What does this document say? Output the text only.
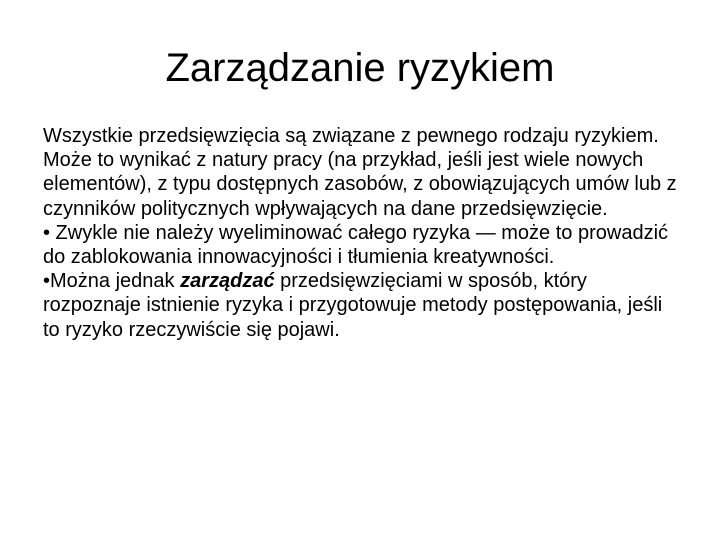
Zarządzanie ryzykiem

Wszystkie przedsięwzięcia są związane z pewnego rodzaju ryzykiem. Może to wynikać z natury pracy (na przykład, jeśli jest wiele nowych elementów), z typu dostępnych zasobów, z obowiązujących umów lub z czynników politycznych wpływających na dane przedsięwzięcie.

• Zwykle nie należy wyeliminować całego ryzyka — może to prowadzić do zablokowania innowacyjności i tłumienia kreatywności.

•Można jednak zarządzać przedsięwzięciami w sposób, który rozpoznaje istnienie ryzyka i przygotowuje metody postępowania, jeśli to ryzyko rzeczywiście się pojawi.
